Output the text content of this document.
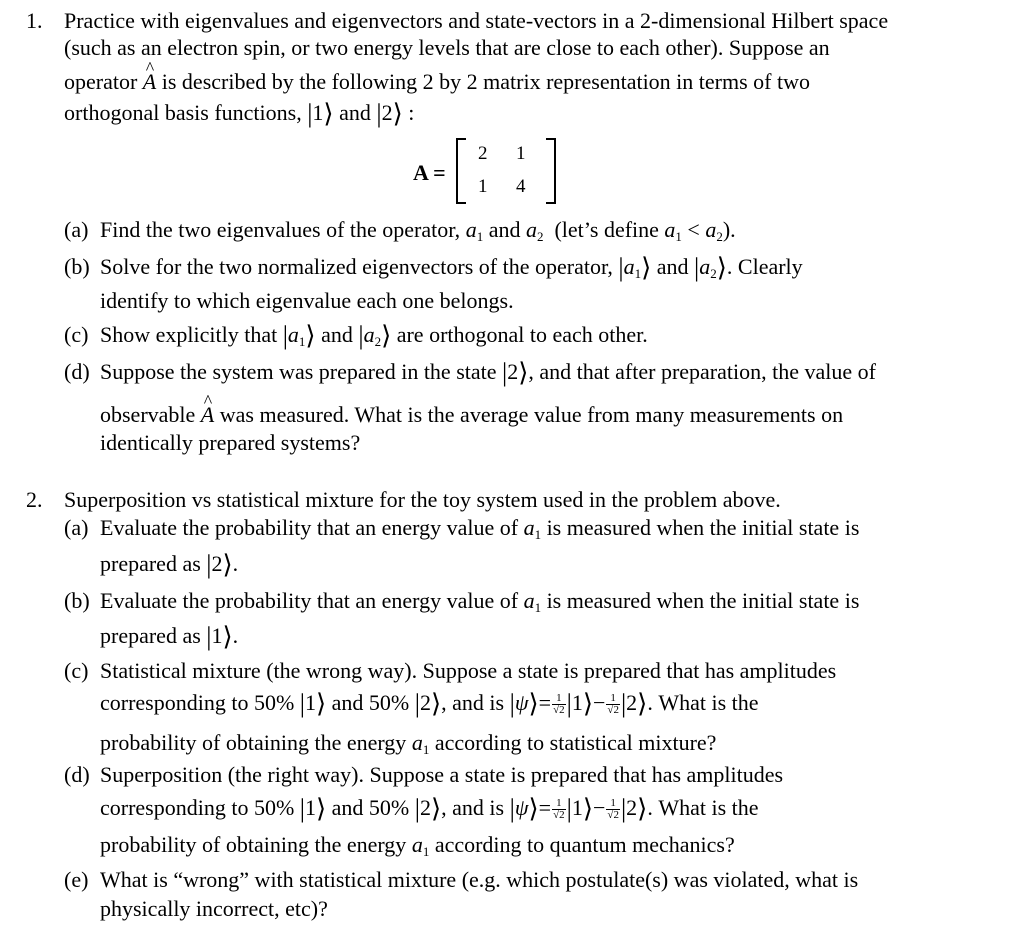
1. Practice with eigenvalues and eigenvectors and state-vectors in a 2-dimensional Hilbert space
(such as an electron spin, or two energy levels that are close to each other). Suppose an
operator ^ A is described by the following 2 by 2 matrix representation in terms of two
orthogonal basis functions, |1⟩ and |2⟩ :
A =
2 1
1 4
(a) Find the two eigenvalues of the operator, $a_1$ and $a_2$ (let’s define $a_1 < a_2$).
(b) Solve for the two normalized eigenvectors of the operator, $|a_1⟩$ and $|a_2⟩$. Clearly
identify to which eigenvalue each one belongs.
(c) Show explicitly that $|a_1⟩$ and $|a_2⟩$ are orthogonal to each other.
(d) Suppose the system was prepared in the state |2⟩, and that after preparation, the value of
observable ^ A was measured. What is the average value from many measurements on
identically prepared systems?
2. Superposition vs statistical mixture for the toy system used in the problem above.
(a) Evaluate the probability that an energy value of $a_1$ is measured when the initial state is
prepared as |2⟩.
(b) Evaluate the probability that an energy value of $a_1$ is measured when the initial state is
prepared as |1⟩.
(c) Statistical mixture (the wrong way). Suppose a state is prepared that has amplitudes
corresponding to 50% |1⟩ and 50% |2⟩, and is |ψ⟩= $\frac{1}{√2}$ |1⟩− $\frac{1}{√2}$ |2⟩. What is the
probability of obtaining the energy $a_1$ according to statistical mixture?
(d) Superposition (the right way). Suppose a state is prepared that has amplitudes
corresponding to 50% |1⟩ and 50% |2⟩, and is |ψ⟩= $\frac{1}{√2}$ |1⟩− $\frac{1}{√2}$ |2⟩. What is the
probability of obtaining the energy $a_1$ according to quantum mechanics?
(e) What is “wrong” with statistical mixture (e.g. which postulate(s) was violated, what is
physically incorrect, etc)?
